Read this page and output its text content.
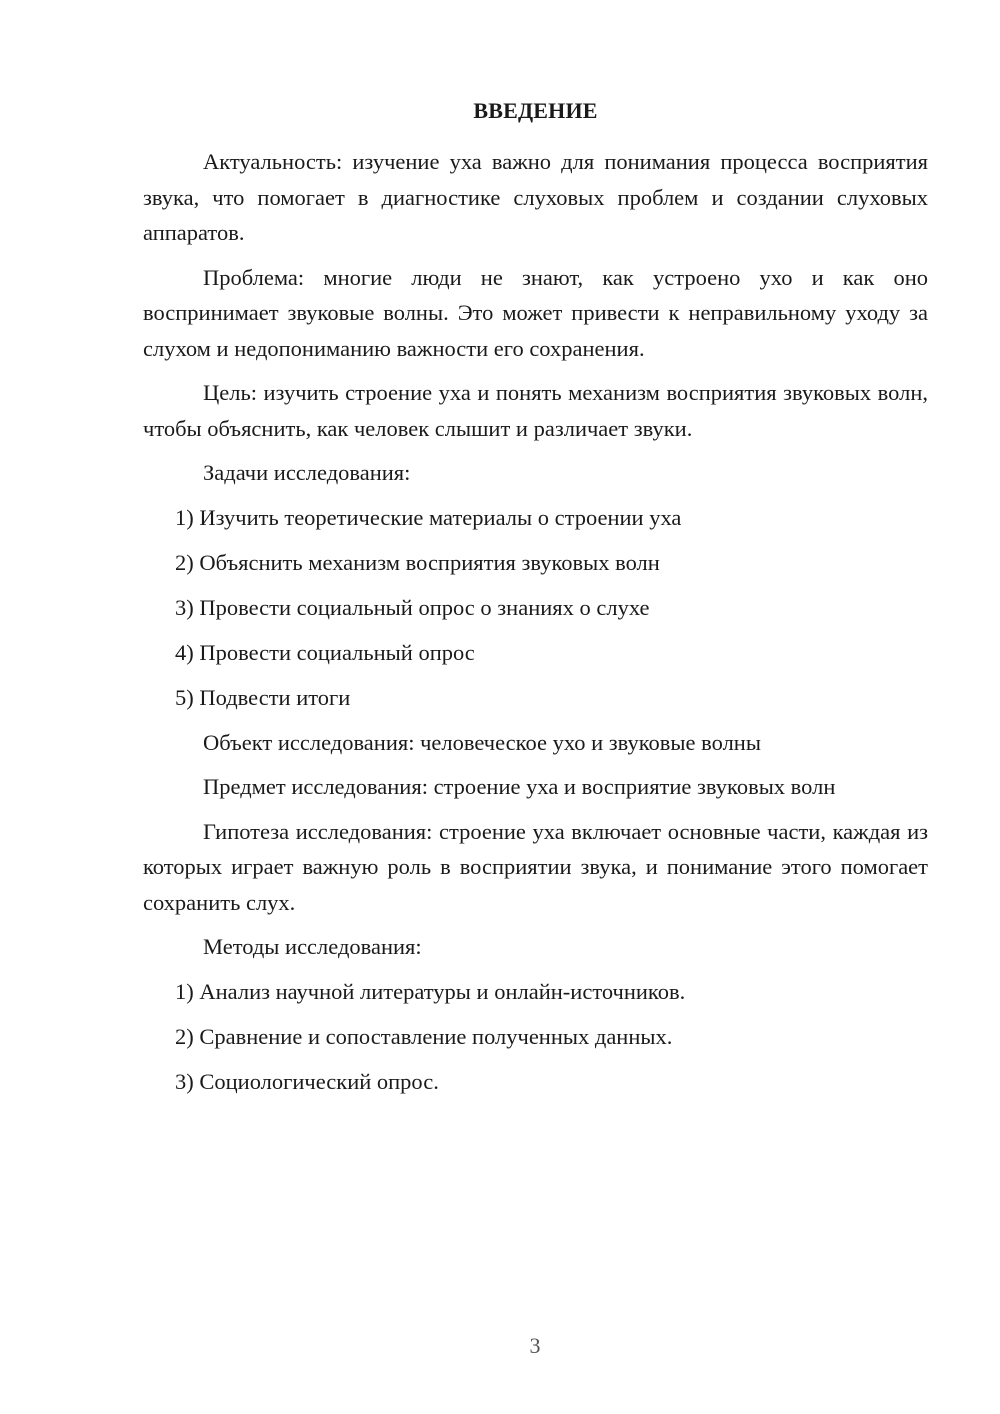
ВВЕДЕНИЕ

Актуальность: изучение уха важно для понимания процесса восприятия звука, что помогает в диагностике слуховых проблем и создании слуховых аппаратов.

Проблема: многие люди не знают, как устроено ухо и как оно воспринимает звуковые волны. Это может привести к неправильному уходу за слухом и недопониманию важности его сохранения.

Цель: изучить строение уха и понять механизм восприятия звуковых волн, чтобы объяснить, как человек слышит и различает звуки.

Задачи исследования:

1) Изучить теоретические материалы о строении уха
2) Объяснить механизм восприятия звуковых волн
3) Провести социальный опрос о знаниях о слухе
4) Провести социальный опрос
5) Подвести итоги

Объект исследования: человеческое ухо и звуковые волны

Предмет исследования: строение уха и восприятие звуковых волн

Гипотеза исследования: строение уха включает основные части, каждая из которых играет важную роль в восприятии звука, и понимание этого помогает сохранить слух.

Методы исследования:

1) Анализ научной литературы и онлайн-источников.
2) Сравнение и сопоставление полученных данных.
3) Социологический опрос.
3
